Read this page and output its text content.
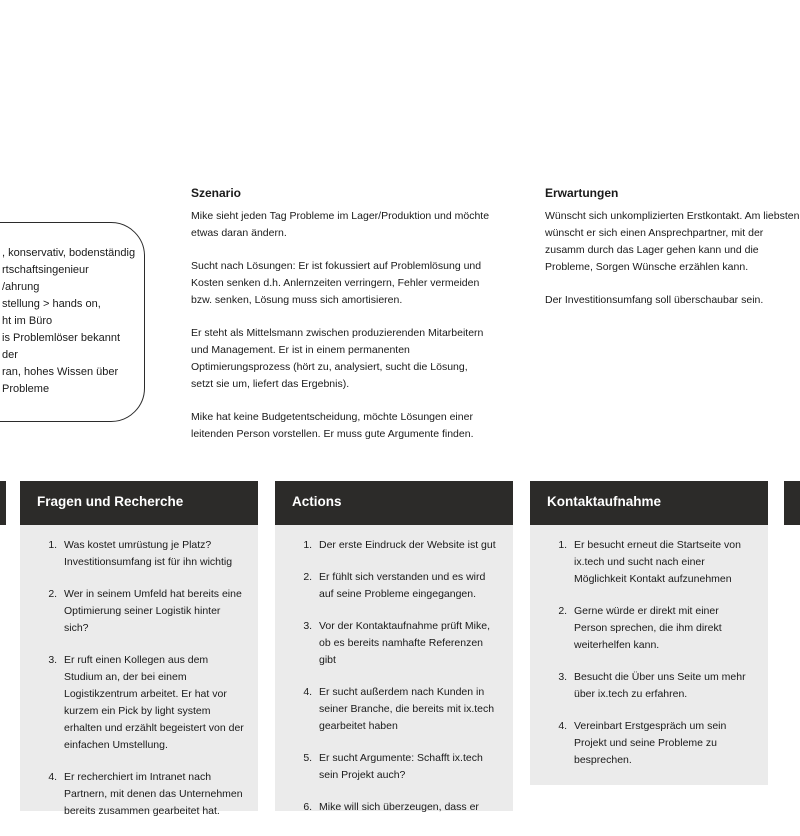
, konservativ, bodenständig
rtschaftsingenieur
/ahrung
stellung > hands on,
ht im Büro
is Problemlöser bekannt
der
ran, hohes Wissen über
Probleme
Szenario

Mike sieht jeden Tag Probleme im Lager/Produktion und möchte etwas daran ändern.

Sucht nach Lösungen: Er ist fokussiert auf Problemlösung und Kosten senken d.h. Anlernzeiten verringern, Fehler vermeiden bzw. senken, Lösung muss sich amortisieren.

Er steht als Mittelsmann zwischen produzierenden Mitarbeitern und Management. Er ist in einem permanenten Optimierungsprozess (hört zu, analysiert, sucht die Lösung, setzt sie um, liefert das Ergebnis).

Mike hat keine Budgetentscheidung, möchte Lösungen einer leitenden Person vorstellen. Er muss gute Argumente finden.

Erwartungen

Wünscht sich unkomplizierten Erstkontakt. Am liebsten wünscht er sich einen Ansprechpartner, mit der zusamm durch das Lager gehen kann und die Probleme, Sorgen Wünsche erzählen kann.

Der Investitionsumfang soll überschaubar sein.

Fragen und Recherche
1. Was kostet umrüstung je Platz? Investitionsumfang ist für ihn wichtig
2. Wer in seinem Umfeld hat bereits eine Optimierung seiner Logistik hinter sich?
3. Er ruft einen Kollegen aus dem Studium an, der bei einem Logistikzentrum arbeitet. Er hat vor kurzem ein Pick by light system erhalten und erzählt begeistert von der einfachen Umstellung.
4. Er recherchiert im Intranet nach Partnern, mit denen das Unternehmen bereits zusammen gearbeitet hat.
Actions
1. Der erste Eindruck der Website ist gut
2. Er fühlt sich verstanden und es wird auf seine Probleme eingegangen.
3. Vor der Kontaktaufnahme prüft Mike, ob es bereits namhafte Referenzen gibt
4. Er sucht außerdem nach Kunden in seiner Branche, die bereits mit ix.tech gearbeitet haben
5. Er sucht Argumente: Schafft ix.tech sein Projekt auch?
6. Mike will sich überzeugen, dass er
Kontaktaufnahme
1. Er besucht erneut die Startseite von ix.tech und sucht nach einer Möglichkeit Kontakt aufzunehmen
2. Gerne würde er direkt mit einer Person sprechen, die ihm direkt weiterhelfen kann.
3. Besucht die Über uns Seite um mehr über ix.tech zu erfahren.
4. Vereinbart Erstgespräch um sein Projekt und seine Probleme zu besprechen.
